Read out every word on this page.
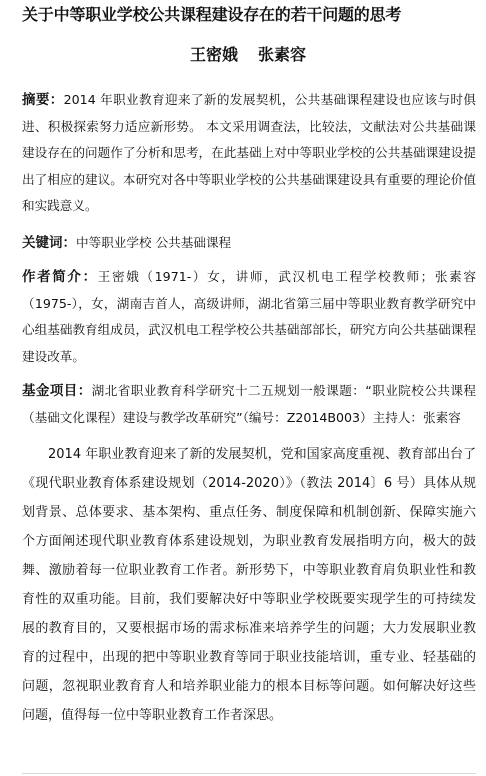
关于中等职业学校公共课程建设存在的若干问题的思考
王密娥 张素容

摘要：2014 年职业教育迎来了新的发展契机，公共基础课程建设也应该与时俱进、积极探索努力适应新形势。 本文采用调查法，比较法，文献法对公共基础课建设存在的问题作了分析和思考，在此基础上对中等职业学校的公共基础课建设提出了相应的建议。本研究对各中等职业学校的公共基础课建设具有重要的理论价值和实践意义。

关键词：中等职业学校 公共基础课程

作者简介：王密娥（1971-）女，讲师，武汉机电工程学校教师；张素容（1975-），女，湖南吉首人，高级讲师，湖北省第三届中等职业教育教学研究中心组基础教育组成员，武汉机电工程学校公共基础部部长，研究方向公共基础课程建设改革。

基金项目：湖北省职业教育科学研究十二五规划一般课题：“职业院校公共课程（基础文化课程）建设与教学改革研究”（编号：Z2014B003）主持人：张素容

2014 年职业教育迎来了新的发展契机，党和国家高度重视、教育部出台了《现代职业教育体系建设规划（2014-2020）》（教法 2014〕6 号）具体从规划背景、总体要求、基本架构、重点任务、制度保障和机制创新、保障实施六个方面阐述现代职业教育体系建设规划，为职业教育发展指明方向，极大的鼓舞、激励着每一位职业教育工作者。新形势下，中等职业教育肩负职业性和教育性的双重功能。目前，我们要解决好中等职业学校既要实现学生的可持续发展的教育目的，又要根据市场的需求标准来培养学生的问题；大力发展职业教育的过程中，出现的把中等职业教育等同于职业技能培训，重专业、轻基础的问题，忽视职业教育育人和培养职业能力的根本目标等问题。如何解决好这些问题，值得每一位中等职业教育工作者深思。
